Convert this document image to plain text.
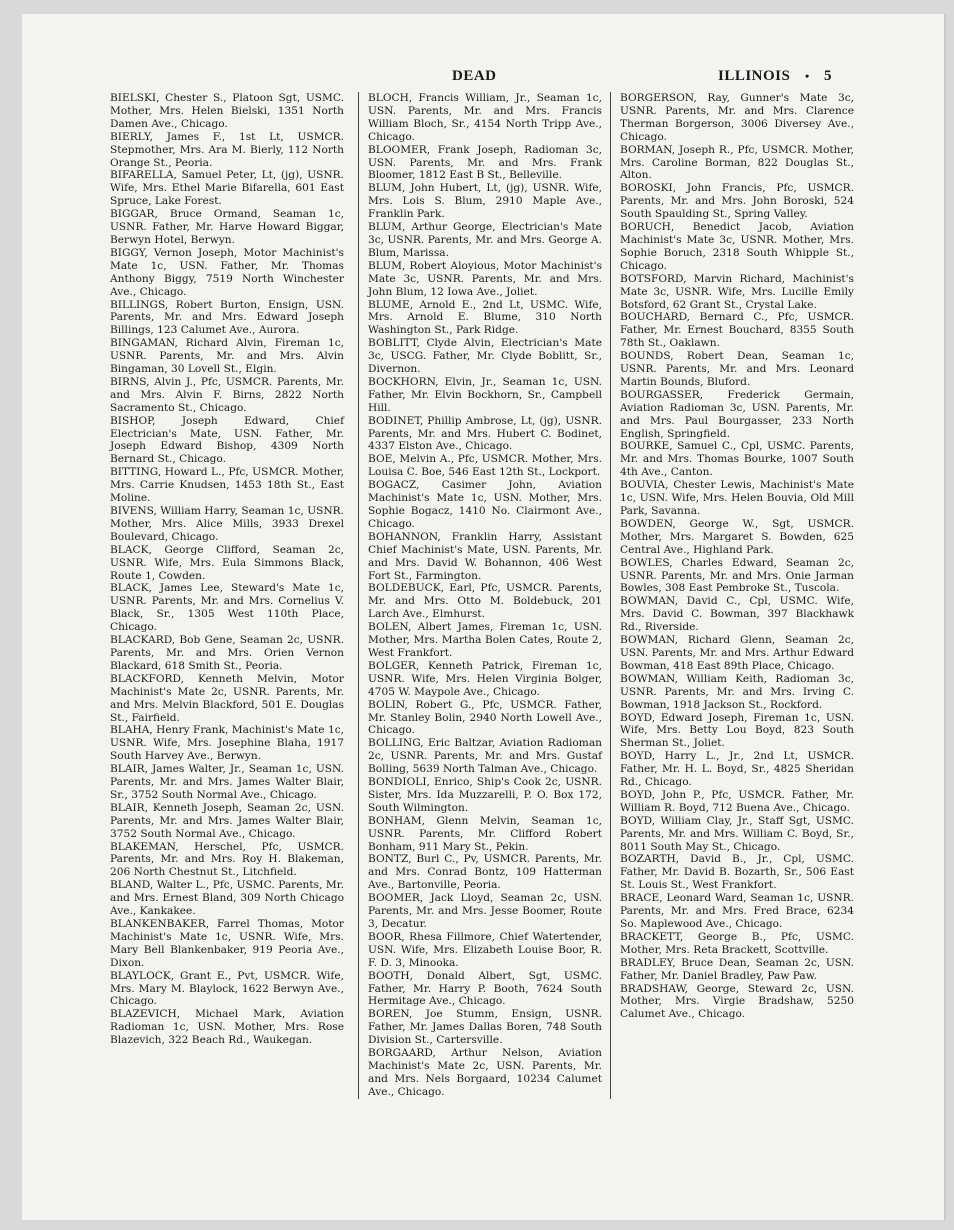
DEAD	ILLINOIS • 5
BIELSKI, Chester S., Platoon Sgt, USMC. Mother, Mrs. Helen Bielski, 1351 North Damen Ave., Chicago.
BIERLY, James F., 1st Lt, USMCR. Stepmother, Mrs. Ara M. Bierly, 112 North Orange St., Peoria.
BIFARELLA, Samuel Peter, Lt, (jg), USNR. Wife, Mrs. Ethel Marie Bifarella, 601 East Spruce, Lake Forest.
BIGGAR, Bruce Ormand, Seaman 1c, USNR. Father, Mr. Harve Howard Biggar, Berwyn Hotel, Berwyn.
BIGGY, Vernon Joseph, Motor Machinist's Mate 1c, USN. Father, Mr. Thomas Anthony Biggy, 7519 North Winchester Ave., Chicago.
BILLINGS, Robert Burton, Ensign, USN. Parents, Mr. and Mrs. Edward Joseph Billings, 123 Calumet Ave., Aurora.
BINGAMAN, Richard Alvin, Fireman 1c, USNR. Parents, Mr. and Mrs. Alvin Bingaman, 30 Lovell St., Elgin.
BIRNS, Alvin J., Pfc, USMCR. Parents, Mr. and Mrs. Alvin F. Birns, 2822 North Sacramento St., Chicago.
BISHOP, Joseph Edward, Chief Electrician's Mate, USN. Father, Mr. Joseph Edward Bishop, 4309 North Bernard St., Chicago.
BITTING, Howard L., Pfc, USMCR. Mother, Mrs. Carrie Knudsen, 1453 18th St., East Moline.
BIVENS, William Harry, Seaman 1c, USNR. Mother, Mrs. Alice Mills, 3933 Drexel Boulevard, Chicago.
BLACK, George Clifford, Seaman 2c, USNR. Wife, Mrs. Eula Simmons Black, Route 1, Cowden.
BLACK, James Lee, Steward's Mate 1c, USNR. Parents, Mr. and Mrs. Cornelius V. Black, Sr., 1305 West 110th Place, Chicago.
BLACKARD, Bob Gene, Seaman 2c, USNR. Parents, Mr. and Mrs. Orien Vernon Blackard, 618 Smith St., Peoria.
BLACKFORD, Kenneth Melvin, Motor Machinist's Mate 2c, USNR. Parents, Mr. and Mrs. Melvin Blackford, 501 E. Douglas St., Fairfield.
BLAHA, Henry Frank, Machinist's Mate 1c, USNR. Wife, Mrs. Josephine Blaha, 1917 South Harvey Ave., Berwyn.
BLAIR, James Walter, Jr., Seaman 1c, USN. Parents, Mr. and Mrs. James Walter Blair, Sr., 3752 South Normal Ave., Chicago.
BLAIR, Kenneth Joseph, Seaman 2c, USN. Parents, Mr. and Mrs. James Walter Blair, 3752 South Normal Ave., Chicago.
BLAKEMAN, Herschel, Pfc, USMCR. Parents, Mr. and Mrs. Roy H. Blakeman, 206 North Chestnut St., Litchfield.
BLAND, Walter L., Pfc, USMC. Parents, Mr. and Mrs. Ernest Bland, 309 North Chicago Ave., Kankakee.
BLANKENBAKER, Farrel Thomas, Motor Machinist's Mate 1c, USNR. Wife, Mrs. Mary Bell Blankenbaker, 919 Peoria Ave., Dixon.
BLAYLOCK, Grant E., Pvt, USMCR. Wife, Mrs. Mary M. Blaylock, 1622 Berwyn Ave., Chicago.
BLAZEVICH, Michael Mark, Aviation Radioman 1c, USN. Mother, Mrs. Rose Blazevich, 322 Beach Rd., Waukegan.
BLOCH, Francis William, Jr., Seaman 1c, USN. Parents, Mr. and Mrs. Francis William Bloch, Sr., 4154 North Tripp Ave., Chicago.
BLOOMER, Frank Joseph, Radioman 3c, USN. Parents, Mr. and Mrs. Frank Bloomer, 1812 East B St., Belleville.
BLUM, John Hubert, Lt, (jg), USNR. Wife, Mrs. Lois S. Blum, 2910 Maple Ave., Franklin Park.
BLUM, Arthur George, Electrician's Mate 3c, USNR. Parents, Mr. and Mrs. George A. Blum, Marissa.
BLUM, Robert Aloyious, Motor Machinist's Mate 3c, USNR. Parents, Mr. and Mrs. John Blum, 12 Iowa Ave., Joliet.
BLUME, Arnold E., 2nd Lt, USMC. Wife, Mrs. Arnold E. Blume, 310 North Washington St., Park Ridge.
BOBLITT, Clyde Alvin, Electrician's Mate 3c, USCG. Father, Mr. Clyde Boblitt, Sr., Divernon.
BOCKHORN, Elvin, Jr., Seaman 1c, USN. Father, Mr. Elvin Bockhorn, Sr., Campbell Hill.
BODINET, Phillip Ambrose, Lt, (jg), USNR. Parents, Mr. and Mrs. Hubert C. Bodinet, 4337 Elston Ave., Chicago.
BOE, Melvin A., Pfc, USMCR. Mother, Mrs. Louisa C. Boe, 546 East 12th St., Lockport.
BOGACZ, Casimer John, Aviation Machinist's Mate 1c, USN. Mother, Mrs. Sophie Bogacz, 1410 No. Clairmont Ave., Chicago.
BOHANNON, Franklin Harry, Assistant Chief Machinist's Mate, USN. Parents, Mr. and Mrs. David W. Bohannon, 406 West Fort St., Farmington.
BOLDEBUCK, Earl, Pfc, USMCR. Parents, Mr. and Mrs. Otto M. Boldebuck, 201 Larch Ave., Elmhurst.
BOLEN, Albert James, Fireman 1c, USN. Mother, Mrs. Martha Bolen Cates, Route 2, West Frankfort.
BOLGER, Kenneth Patrick, Fireman 1c, USNR. Wife, Mrs. Helen Virginia Bolger, 4705 W. Maypole Ave., Chicago.
BOLIN, Robert G., Pfc, USMCR. Father, Mr. Stanley Bolin, 2940 North Lowell Ave., Chicago.
BOLLING, Eric Baltzar, Aviation Radioman 2c, USNR. Parents, Mr. and Mrs. Gustaf Bolling, 5639 North Talman Ave., Chicago.
BONDIOLI, Enrico, Ship's Cook 2c, USNR. Sister, Mrs. Ida Muzzarelli, P. O. Box 172, South Wilmington.
BONHAM, Glenn Melvin, Seaman 1c, USNR. Parents, Mr. Clifford Robert Bonham, 911 Mary St., Pekin.
BONTZ, Burl C., Pv, USMCR. Parents, Mr. and Mrs. Conrad Bontz, 109 Hatterman Ave., Bartonville, Peoria.
BOOMER, Jack Lloyd, Seaman 2c, USN. Parents, Mr. and Mrs. Jesse Boomer, Route 3, Decatur.
BOOR, Rhesa Fillmore, Chief Watertender, USN. Wife, Mrs. Elizabeth Louise Boor, R. F. D. 3, Minooka.
BOOTH, Donald Albert, Sgt, USMC. Father, Mr. Harry P. Booth, 7624 South Hermitage Ave., Chicago.
BOREN, Joe Stumm, Ensign, USNR. Father, Mr. James Dallas Boren, 748 South Division St., Cartersville.
BORGAARD, Arthur Nelson, Aviation Machinist's Mate 2c, USN. Parents, Mr. and Mrs. Nels Borgaard, 10234 Calumet Ave., Chicago.
BORGERSON, Ray, Gunner's Mate 3c, USNR. Parents, Mr. and Mrs. Clarence Therman Borgerson, 3006 Diversey Ave., Chicago.
BORMAN, Joseph R., Pfc, USMCR. Mother, Mrs. Caroline Borman, 822 Douglas St., Alton.
BOROSKI, John Francis, Pfc, USMCR. Parents, Mr. and Mrs. John Boroski, 524 South Spaulding St., Spring Valley.
BORUCH, Benedict Jacob, Aviation Machinist's Mate 3c, USNR. Mother, Mrs. Sophie Boruch, 2318 South Whipple St., Chicago.
BOTSFORD, Marvin Richard, Machinist's Mate 3c, USNR. Wife, Mrs. Lucille Emily Botsford, 62 Grant St., Crystal Lake.
BOUCHARD, Bernard C., Pfc, USMCR. Father, Mr. Ernest Bouchard, 8355 South 78th St., Oaklawn.
BOUNDS, Robert Dean, Seaman 1c, USNR. Parents, Mr. and Mrs. Leonard Martin Bounds, Bluford.
BOURGASSER, Frederick Germain, Aviation Radioman 3c, USN. Parents, Mr. and Mrs. Paul Bourgasser, 233 North English, Springfield.
BOURKE, Samuel C., Cpl, USMC. Parents, Mr. and Mrs. Thomas Bourke, 1007 South 4th Ave., Canton.
BOUVIA, Chester Lewis, Machinist's Mate 1c, USN. Wife, Mrs. Helen Bouvia, Old Mill Park, Savanna.
BOWDEN, George W., Sgt, USMCR. Mother, Mrs. Margaret S. Bowden, 625 Central Ave., Highland Park.
BOWLES, Charles Edward, Seaman 2c, USNR. Parents, Mr. and Mrs. Onie Jarman Bowles, 308 East Pembroke St., Tuscola.
BOWMAN, David C., Cpl, USMC. Wife, Mrs. David C. Bowman, 397 Blackhawk Rd., Riverside.
BOWMAN, Richard Glenn, Seaman 2c, USN. Parents, Mr. and Mrs. Arthur Edward Bowman, 418 East 89th Place, Chicago.
BOWMAN, William Keith, Radioman 3c, USNR. Parents, Mr. and Mrs. Irving C. Bowman, 1918 Jackson St., Rockford.
BOYD, Edward Joseph, Fireman 1c, USN. Wife, Mrs. Betty Lou Boyd, 823 South Sherman St., Joliet.
BOYD, Harry L., Jr., 2nd Lt, USMCR. Father, Mr. H. L. Boyd, Sr., 4825 Sheridan Rd., Chicago.
BOYD, John P., Pfc, USMCR. Father, Mr. William R. Boyd, 712 Buena Ave., Chicago.
BOYD, William Clay, Jr., Staff Sgt, USMC. Parents, Mr. and Mrs. William C. Boyd, Sr., 8011 South May St., Chicago.
BOZARTH, David B., Jr., Cpl, USMC. Father, Mr. David B. Bozarth, Sr., 506 East St. Louis St., West Frankfort.
BRACE, Leonard Ward, Seaman 1c, USNR. Parents, Mr. and Mrs. Fred Brace, 6234 So. Maplewood Ave., Chicago.
BRACKETT, George B., Pfc, USMC. Mother, Mrs. Reta Brackett, Scottville.
BRADLEY, Bruce Dean, Seaman 2c, USN. Father, Mr. Daniel Bradley, Paw Paw.
BRADSHAW, George, Steward 2c, USN. Mother, Mrs. Virgie Bradshaw, 5250 Calumet Ave., Chicago.
